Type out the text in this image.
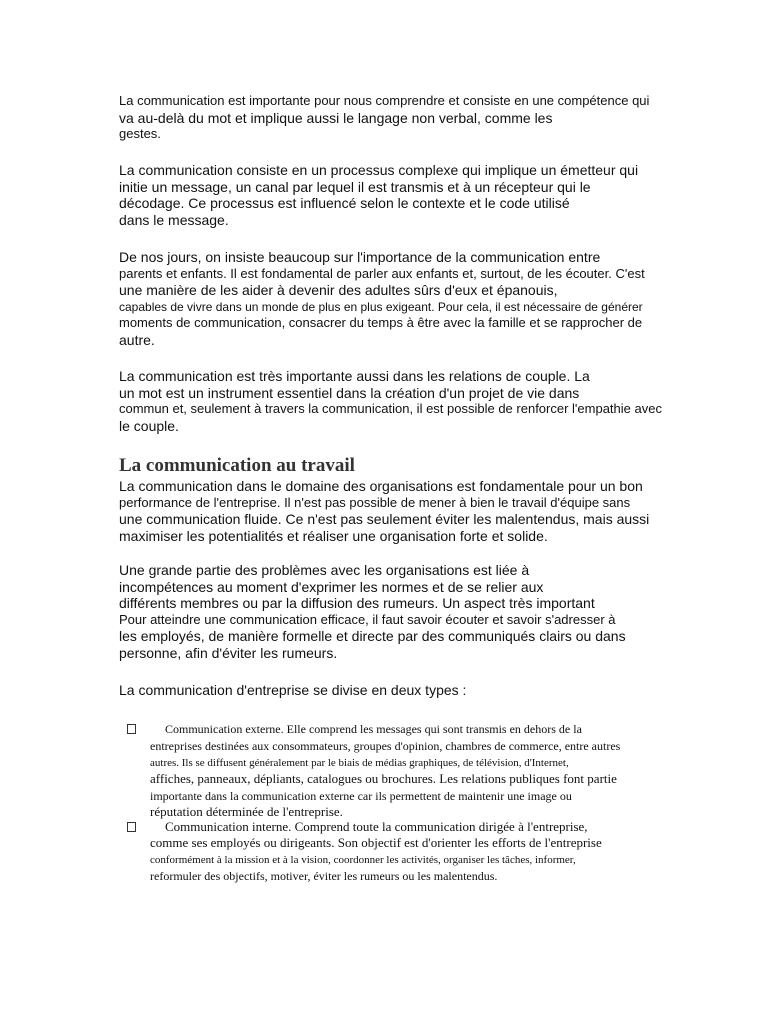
La communication est importante pour nous comprendre et consiste en une compétence qui
va au-delà du mot et implique aussi le langage non verbal, comme les
gestes.
La communication consiste en un processus complexe qui implique un émetteur qui
initie un message, un canal par lequel il est transmis et à un récepteur qui le
décodage. Ce processus est influencé selon le contexte et le code utilisé
dans le message.
De nos jours, on insiste beaucoup sur l'importance de la communication entre
parents et enfants. Il est fondamental de parler aux enfants et, surtout, de les écouter. C'est
une manière de les aider à devenir des adultes sûrs d'eux et épanouis,
capables de vivre dans un monde de plus en plus exigeant. Pour cela, il est nécessaire de générer
moments de communication, consacrer du temps à être avec la famille et se rapprocher de
autre.
La communication est très importante aussi dans les relations de couple. La
un mot est un instrument essentiel dans la création d'un projet de vie dans
commun et, seulement à travers la communication, il est possible de renforcer l'empathie avec
le couple.
La communication au travail
La communication dans le domaine des organisations est fondamentale pour un bon
performance de l'entreprise. Il n'est pas possible de mener à bien le travail d'équipe sans
une communication fluide. Ce n'est pas seulement éviter les malentendus, mais aussi
maximiser les potentialités et réaliser une organisation forte et solide.
Une grande partie des problèmes avec les organisations est liée à
incompétences au moment d'exprimer les normes et de se relier aux
différents membres ou par la diffusion des rumeurs. Un aspect très important
Pour atteindre une communication efficace, il faut savoir écouter et savoir s'adresser à
les employés, de manière formelle et directe par des communiqués clairs ou dans
personne, afin d'éviter les rumeurs.
La communication d'entreprise se divise en deux types :
Communication externe. Elle comprend les messages qui sont transmis en dehors de la
entreprises destinées aux consommateurs, groupes d'opinion, chambres de commerce, entre autres
autres. Ils se diffusent généralement par le biais de médias graphiques, de télévision, d'Internet,
affiches, panneaux, dépliants, catalogues ou brochures. Les relations publiques font partie
importante dans la communication externe car ils permettent de maintenir une image ou
réputation déterminée de l'entreprise.
Communication interne. Comprend toute la communication dirigée à l'entreprise,
comme ses employés ou dirigeants. Son objectif est d'orienter les efforts de l'entreprise
conformément à la mission et à la vision, coordonner les activités, organiser les tâches, informer,
reformuler des objectifs, motiver, éviter les rumeurs ou les malentendus.
